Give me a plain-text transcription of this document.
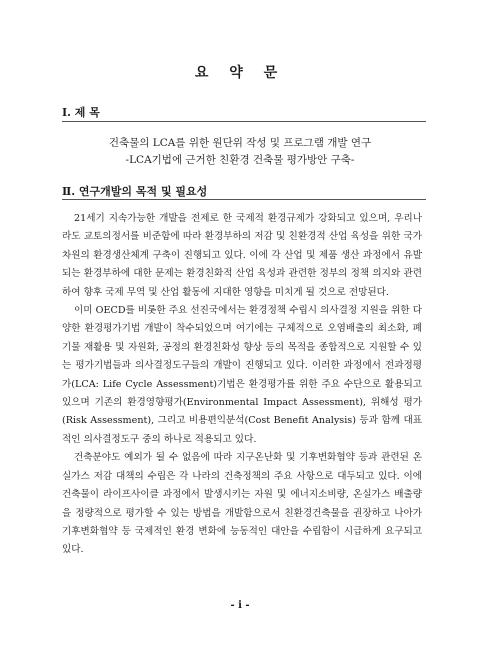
요 약 문
Ⅰ. 제 목
건축물의 LCA를 위한 원단위 작성 및 프로그램 개발 연구
-LCA기법에 근거한 친환경 건축물 평가방안 구축-
Ⅱ. 연구개발의 목적 및 필요성

21세기 지속가능한 개발을 전제로 한 국제적 환경규제가 강화되고 있으며, 우리나라도 교토의정서를 비준함에 따라 환경부하의 저감 및 친환경적 산업 육성을 위한 국가차원의 환경생산체계 구축이 진행되고 있다. 이에 각 산업 및 제품 생산 과정에서 유발되는 환경부하에 대한 문제는 환경친화적 산업 육성과 관련한 정부의 정책 의지와 관련하여 향후 국제 무역 및 산업 활동에 지대한 영향을 미치게 될 것으로 전망된다.

이미 OECD를 비롯한 주요 선진국에서는 환경정책 수립시 의사결정 지원을 위한 다양한 환경평가기법 개발이 착수되었으며 여기에는 구체적으로 오염배출의 최소화, 폐기물 재활용 및 자원화, 공정의 환경친화성 향상 등의 목적을 종합적으로 지원할 수 있는 평가기법들과 의사결정도구들의 개발이 진행되고 있다. 이러한 과정에서 전과정평가(LCA: Life Cycle Assessment)기법은 환경평가를 위한 주요 수단으로 활용되고 있으며 기존의 환경영향평가(Environmental Impact Assessment), 위해성 평가(Risk Assessment), 그리고 비용편익분석(Cost Benefit Analysis) 등과 함께 대표적인 의사결정도구 중의 하나로 적용되고 있다.

건축분야도 예외가 될 수 없음에 따라 지구온난화 및 기후변화협약 등과 관련된 온실가스 저감 대책의 수립은 각 나라의 건축정책의 주요 사항으로 대두되고 있다. 이에 건축물이 라이프사이클 과정에서 발생시키는 자원 및 에너지소비량, 온실가스 배출량을 정량적으로 평가할 수 있는 방법을 개발함으로서 친환경건축물을 권장하고 나아가 기후변화협약 등 국제적인 환경 변화에 능동적인 대안을 수립함이 시급하게 요구되고 있다.

- i -
